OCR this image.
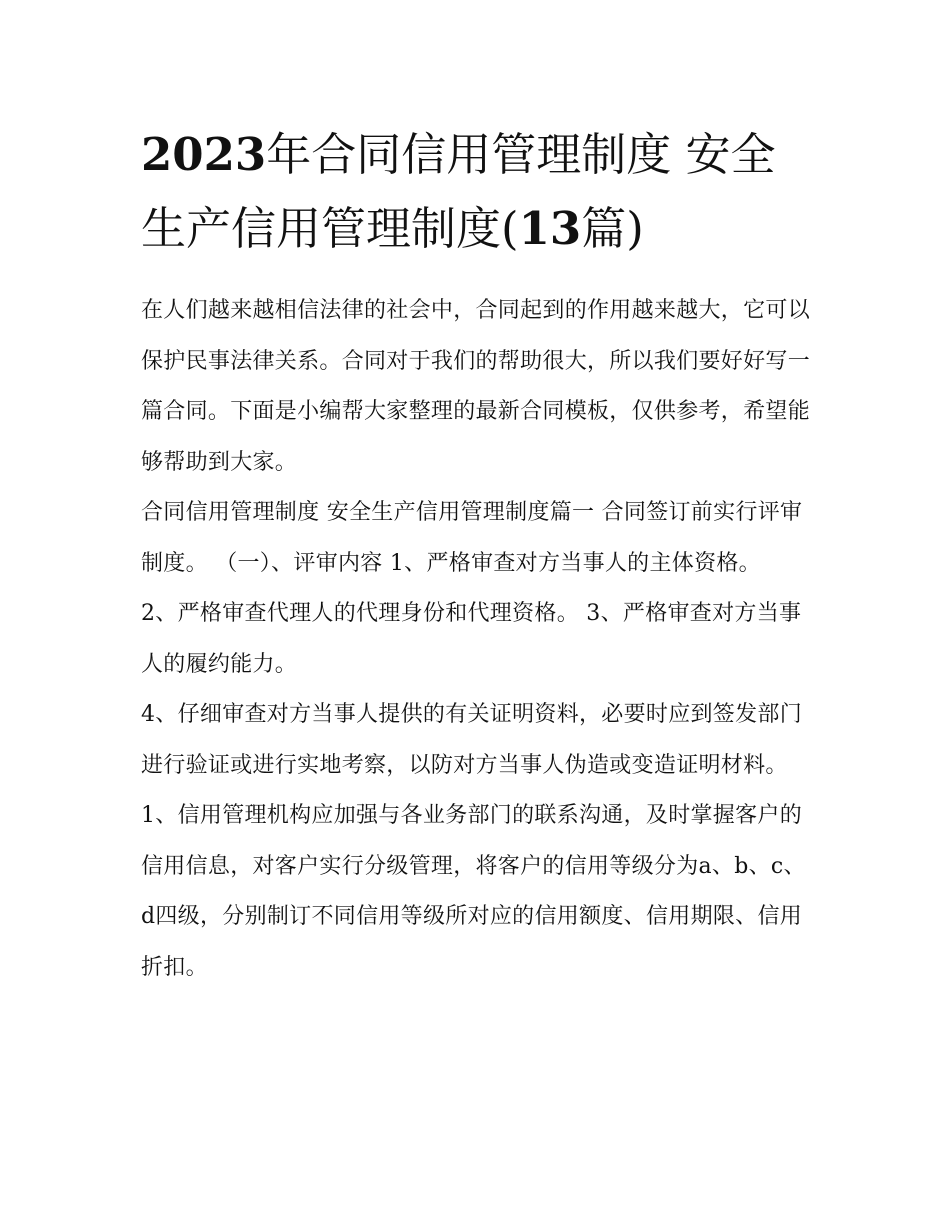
2023年合同信用管理制度 安全生产信用管理制度(13篇)

在人们越来越相信法律的社会中，合同起到的作用越来越大，它可以保护民事法律关系。合同对于我们的帮助很大，所以我们要好好写一篇合同。下面是小编帮大家整理的最新合同模板，仅供参考，希望能够帮助到大家。

合同信用管理制度 安全生产信用管理制度篇一 合同签订前实行评审制度。 （一）、评审内容 1、严格审查对方当事人的主体资格。

2、严格审查代理人的代理身份和代理资格。 3、严格审查对方当事人的履约能力。

4、仔细审查对方当事人提供的有关证明资料，必要时应到签发部门进行验证或进行实地考察，以防对方当事人伪造或变造证明材料。

1、信用管理机构应加强与各业务部门的联系沟通，及时掌握客户的信用信息，对客户实行分级管理，将客户的信用等级分为a、b、c、d四级，分别制订不同信用等级所对应的信用额度、信用期限、信用折扣。
